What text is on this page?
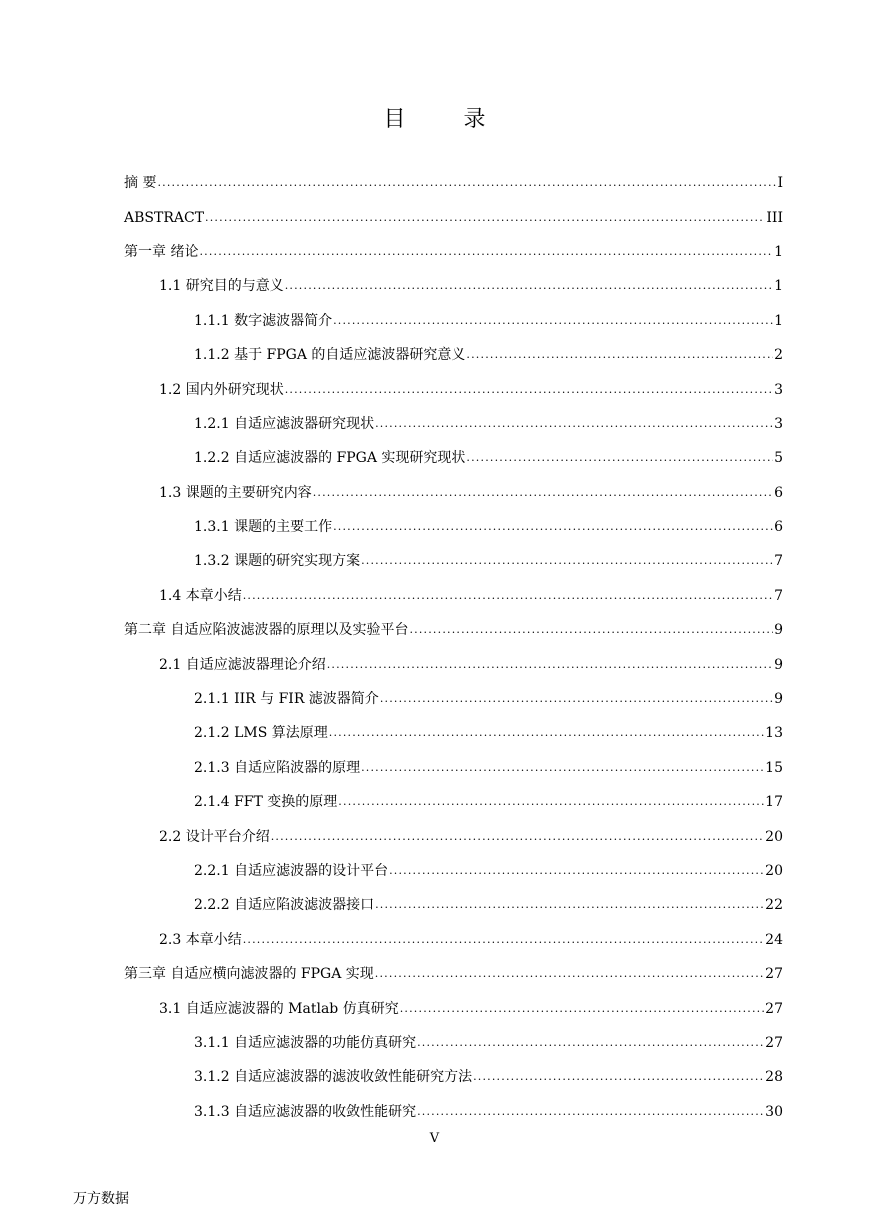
目　录
摘 要 .....	I
ABSTRACT .....	III
第一章 绪论 .....	1
1.1 研究目的与意义 .....	1
1.1.1 数字滤波器简介 .....	1
1.1.2 基于 FPGA 的自适应滤波器研究意义 .....	2
1.2 国内外研究现状 .....	3
1.2.1 自适应滤波器研究现状 .....	3
1.2.2 自适应滤波器的 FPGA 实现研究现状 .....	5
1.3 课题的主要研究内容 .....	6
1.3.1 课题的主要工作 .....	6
1.3.2 课题的研究实现方案 .....	7
1.4 本章小结 .....	7
第二章 自适应陷波滤波器的原理以及实验平台 .....	9
2.1 自适应滤波器理论介绍 .....	9
2.1.1 IIR 与 FIR 滤波器简介 .....	9
2.1.2 LMS 算法原理 .....	13
2.1.3 自适应陷波器的原理 .....	15
2.1.4 FFT 变换的原理 .....	17
2.2 设计平台介绍 .....	20
2.2.1 自适应滤波器的设计平台 .....	20
2.2.2 自适应陷波滤波器接口 .....	22
2.3 本章小结 .....	24
第三章 自适应横向滤波器的 FPGA 实现 .....	27
3.1 自适应滤波器的 Matlab 仿真研究 .....	27
3.1.1 自适应滤波器的功能仿真研究 .....	27
3.1.2 自适应滤波器的滤波收敛性能研究方法 .....	28
3.1.3 自适应滤波器的收敛性能研究 .....	30
V
万方数据
